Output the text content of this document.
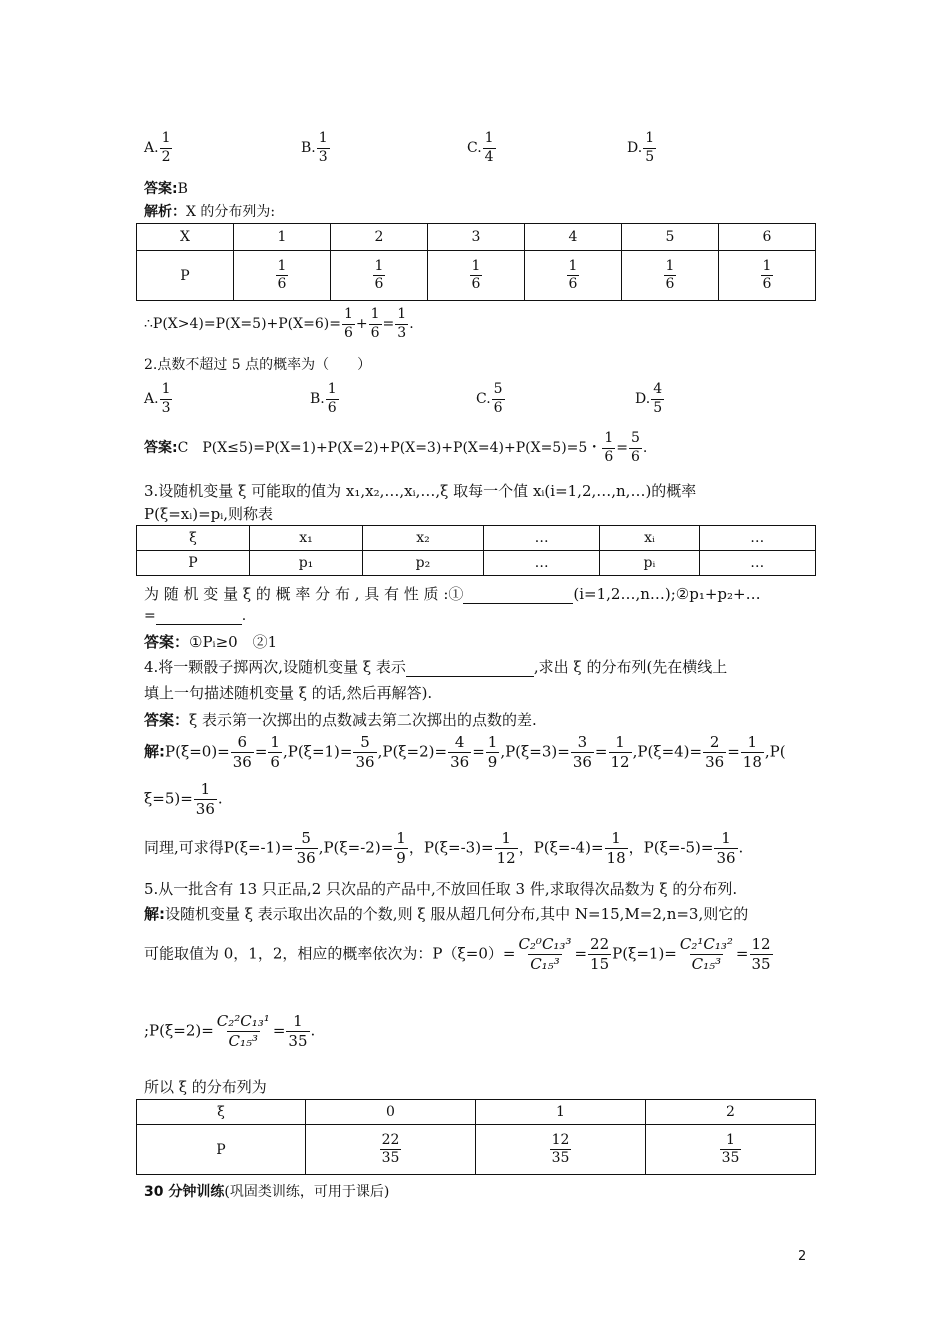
A. $\frac{1}{2}$	B. $\frac{1}{3}$	C. $\frac{1}{4}$	D. $\frac{1}{5}$
答案:B
解析：X 的分布列为:
X	1	2	3	4	5	6
P	$\frac{1}{6}$	$\frac{1}{6}$	$\frac{1}{6}$	$\frac{1}{6}$	$\frac{1}{6}$	$\frac{1}{6}$
∴P(X>4)=P(X=5)+P(X=6)= $\frac{1}{6} + \frac{1}{6} = \frac{1}{3}$ .
2.点数不超过 5 点的概率为（　　）
A. $\frac{1}{3}$	B. $\frac{1}{6}$	C. $\frac{5}{6}$	D. $\frac{4}{5}$
答案:C　P(X≤5)=P(X=1)+P(X=2)+P(X=3)+P(X=4)+P(X=5)=5・ $\frac{1}{6} = \frac{5}{6}$ .
3.设随机变量 ξ 可能取的值为 x₁,x₂,…,xᵢ,…,ξ 取每一个值 xᵢ(i=1,2,…,n,…)的概率
P(ξ=xᵢ)=pᵢ,则称表
ξ	x₁	x₂	…	xᵢ	…
P	p₁	p₂	…	pᵢ	…
为 随 机 变 量 ξ 的 概 率 分 布 , 具 有 性 质 :①	(i=1,2…,n…);②p₁+p₂+…
=	.
答案：①Pᵢ≥0　②1
4.将一颗骰子掷两次,设随机变量 ξ 表示	,求出 ξ 的分布列(先在横线上
填上一句描述随机变量 ξ 的话,然后再解答).
答案：ξ 表示第一次掷出的点数减去第二次掷出的点数的差.
解:P(ξ=0)= $\frac{6}{36} = \frac{1}{6} ,P(\xi=1)= \frac{5}{36} ,P(\xi=2)= \frac{4}{36} = \frac{1}{9} ,P(\xi=3)= \frac{3}{36} = \frac{1}{12} ,P(\xi=4)= \frac{2}{36} = \frac{1}{18} ,P$(
$\xi=5)= \frac{1}{36}$ .
同理,可求得$P(\xi=-1)= \frac{5}{36} ,P(\xi=-2)= \frac{1}{9}$ ，$P(\xi=-3)= \frac{1}{12}$ ，$P(\xi=-4)= \frac{1}{18}$ ，$P(\xi=-5)= \frac{1}{36}$ .
5.从一批含有 13 只正品,2 只次品的产品中,不放回任取 3 件,求取得次品数为 ξ 的分布列.
解:设随机变量 ξ 表示取出次品的个数,则 ξ 服从超几何分布,其中 N=15,M=2,n=3,则它的
可能取值为 0，1，2，相应的概率依次为：$P(\xi=0)= \frac{\text{C₂⁰C₁₃³}}{\text{C₁₅³}} = \frac{22}{15} P(\xi=1)= \frac{\text{C₂¹C₁₃²}}{\text{C₁₅³}} = \frac{12}{35}$
;P(ξ=2)= $\frac{\text{C₂²C₁₃¹}}{\text{C₁₅³}} = \frac{1}{35}$ .
所以 ξ 的分布列为
ξ	0	1	2
P	$\frac{22}{35}$	$\frac{12}{35}$	$\frac{1}{35}$
30 分钟训练(巩固类训练，可用于课后)
2
